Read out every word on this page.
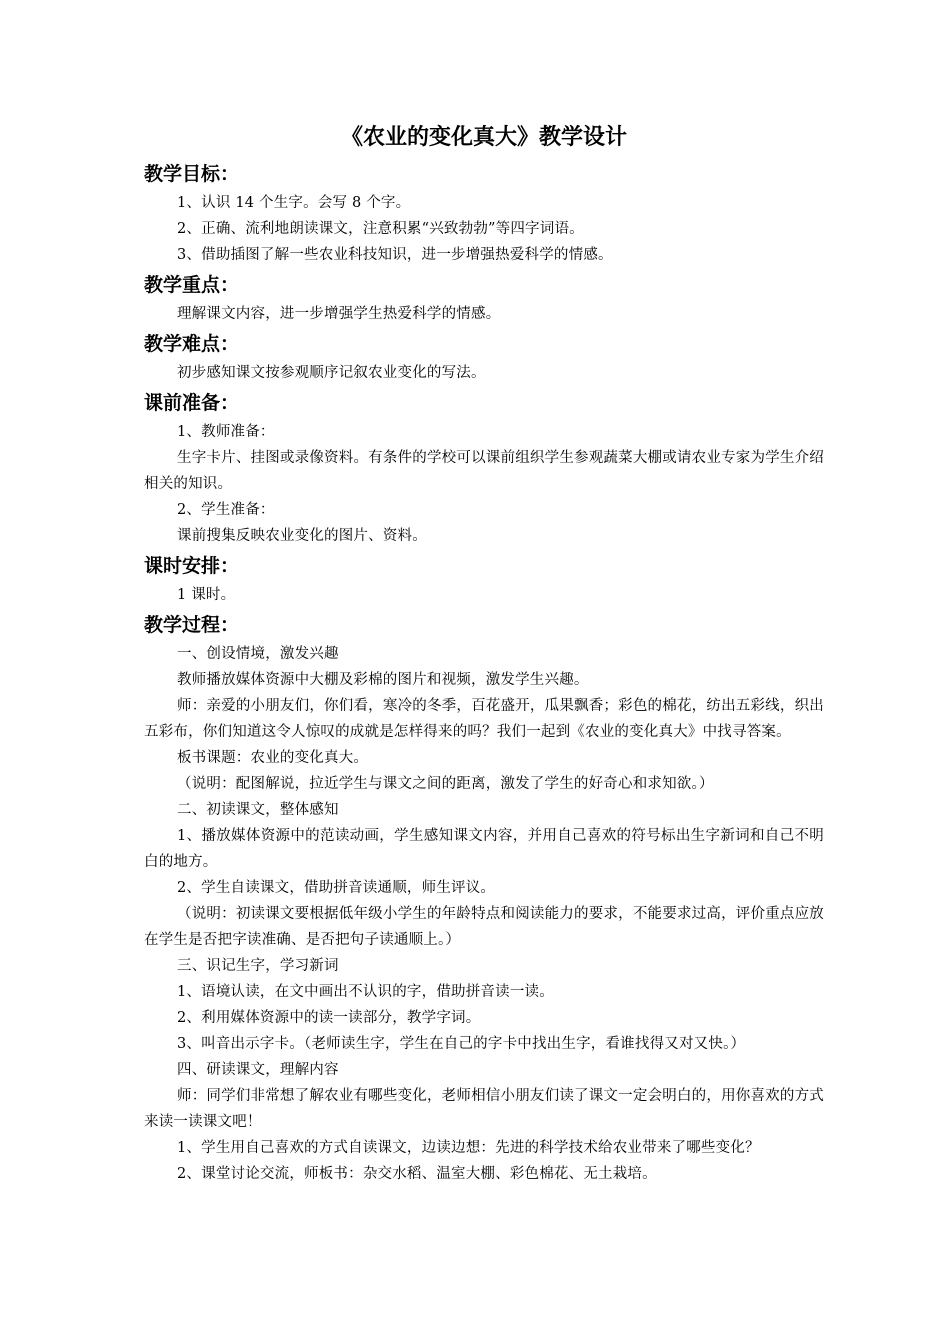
《农业的变化真大》教学设计
教学目标：

1、认识 14 个生字。会写 8 个字。

2、正确、流利地朗读课文，注意积累“兴致勃勃”等四字词语。

3、借助插图了解一些农业科技知识，进一步增强热爱科学的情感。

教学重点：

理解课文内容，进一步增强学生热爱科学的情感。

教学难点：

初步感知课文按参观顺序记叙农业变化的写法。

课前准备：

1、教师准备：

生字卡片、挂图或录像资料。有条件的学校可以课前组织学生参观蔬菜大棚或请农业专家为学生介绍相关的知识。

2、学生准备：

课前搜集反映农业变化的图片、资料。

课时安排：

1 课时。

教学过程：

一、创设情境，激发兴趣

教师播放媒体资源中大棚及彩棉的图片和视频，激发学生兴趣。

师：亲爱的小朋友们，你们看，寒冷的冬季，百花盛开，瓜果飘香；彩色的棉花，纺出五彩线，织出五彩布，你们知道这令人惊叹的成就是怎样得来的吗？我们一起到《农业的变化真大》中找寻答案。

板书课题：农业的变化真大。

（说明：配图解说，拉近学生与课文之间的距离，激发了学生的好奇心和求知欲。）

二、初读课文，整体感知

1、播放媒体资源中的范读动画，学生感知课文内容，并用自己喜欢的符号标出生字新词和自己不明白的地方。

2、学生自读课文，借助拼音读通顺，师生评议。

（说明：初读课文要根据低年级小学生的年龄特点和阅读能力的要求，不能要求过高，评价重点应放在学生是否把字读准确、是否把句子读通顺上。）

三、识记生字，学习新词

1、语境认读，在文中画出不认识的字，借助拼音读一读。

2、利用媒体资源中的读一读部分，教学字词。

3、叫音出示字卡。（老师读生字，学生在自己的字卡中找出生字，看谁找得又对又快。）

四、研读课文，理解内容

师：同学们非常想了解农业有哪些变化，老师相信小朋友们读了课文一定会明白的，用你喜欢的方式来读一读课文吧！

1、学生用自己喜欢的方式自读课文，边读边想：先进的科学技术给农业带来了哪些变化？

2、课堂讨论交流，师板书：杂交水稻、温室大棚、彩色棉花、无土栽培。
